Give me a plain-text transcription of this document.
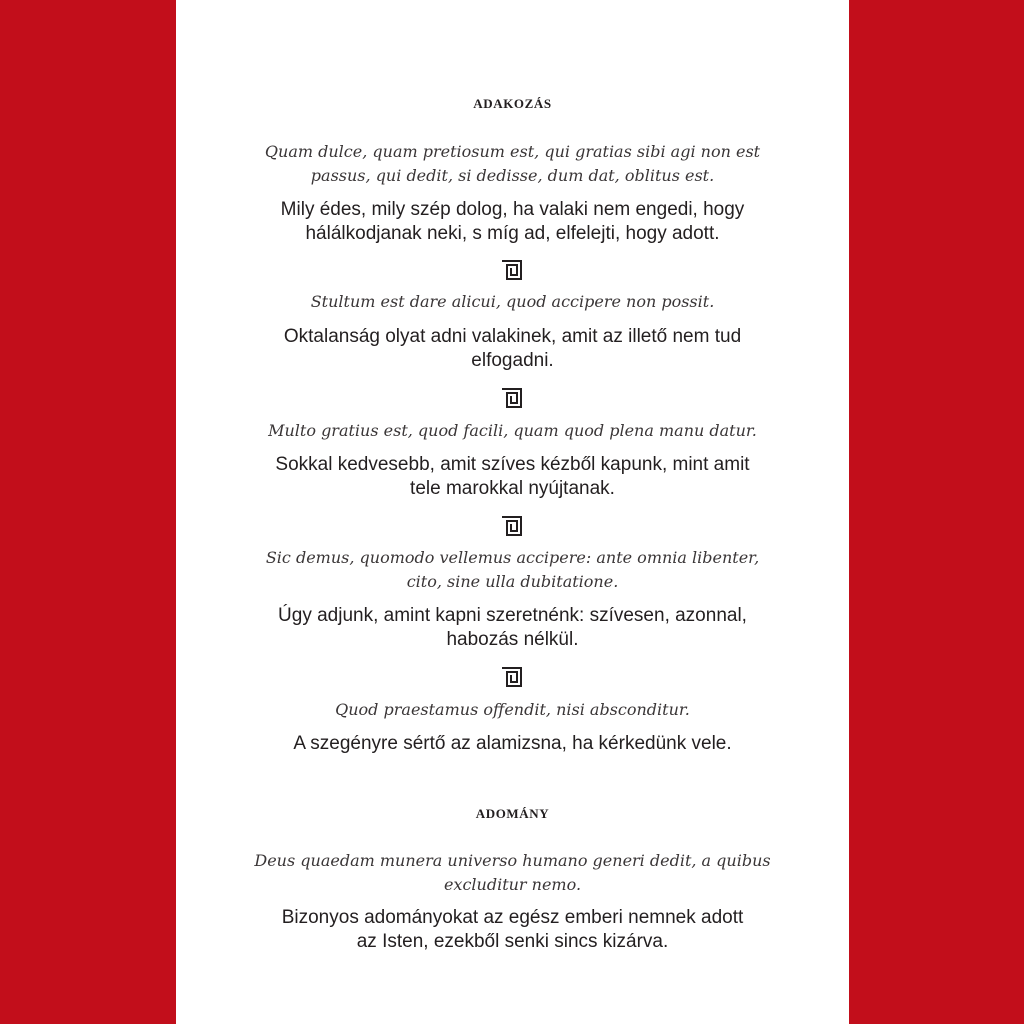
ADAKOZÁS
Quam dulce, quam pretiosum est, qui gratias sibi agi non est
passus, qui dedit, si dedisse, dum dat, oblitus est.
Mily édes, mily szép dolog, ha valaki nem engedi, hogy
hálálkodjanak neki, s míg ad, elfelejti, hogy adott.
Stultum est dare alicui, quod accipere non possit.
Oktalanság olyat adni valakinek, amit az illető nem tud
elfogadni.
Multo gratius est, quod facili, quam quod plena manu datur.
Sokkal kedvesebb, amit szíves kézből kapunk, mint amit
tele marokkal nyújtanak.
Sic demus, quomodo vellemus accipere: ante omnia libenter,
cito, sine ulla dubitatione.
Úgy adjunk, amint kapni szeretnénk: szívesen, azonnal,
habozás nélkül.
Quod praestamus offendit, nisi absconditur.
A szegényre sértő az alamizsna, ha kérkedünk vele.
ADOMÁNY
Deus quaedam munera universo humano generi dedit, a quibus
excluditur nemo.
Bizonyos adományokat az egész emberi nemnek adott
az Isten, ezekből senki sincs kizárva.
